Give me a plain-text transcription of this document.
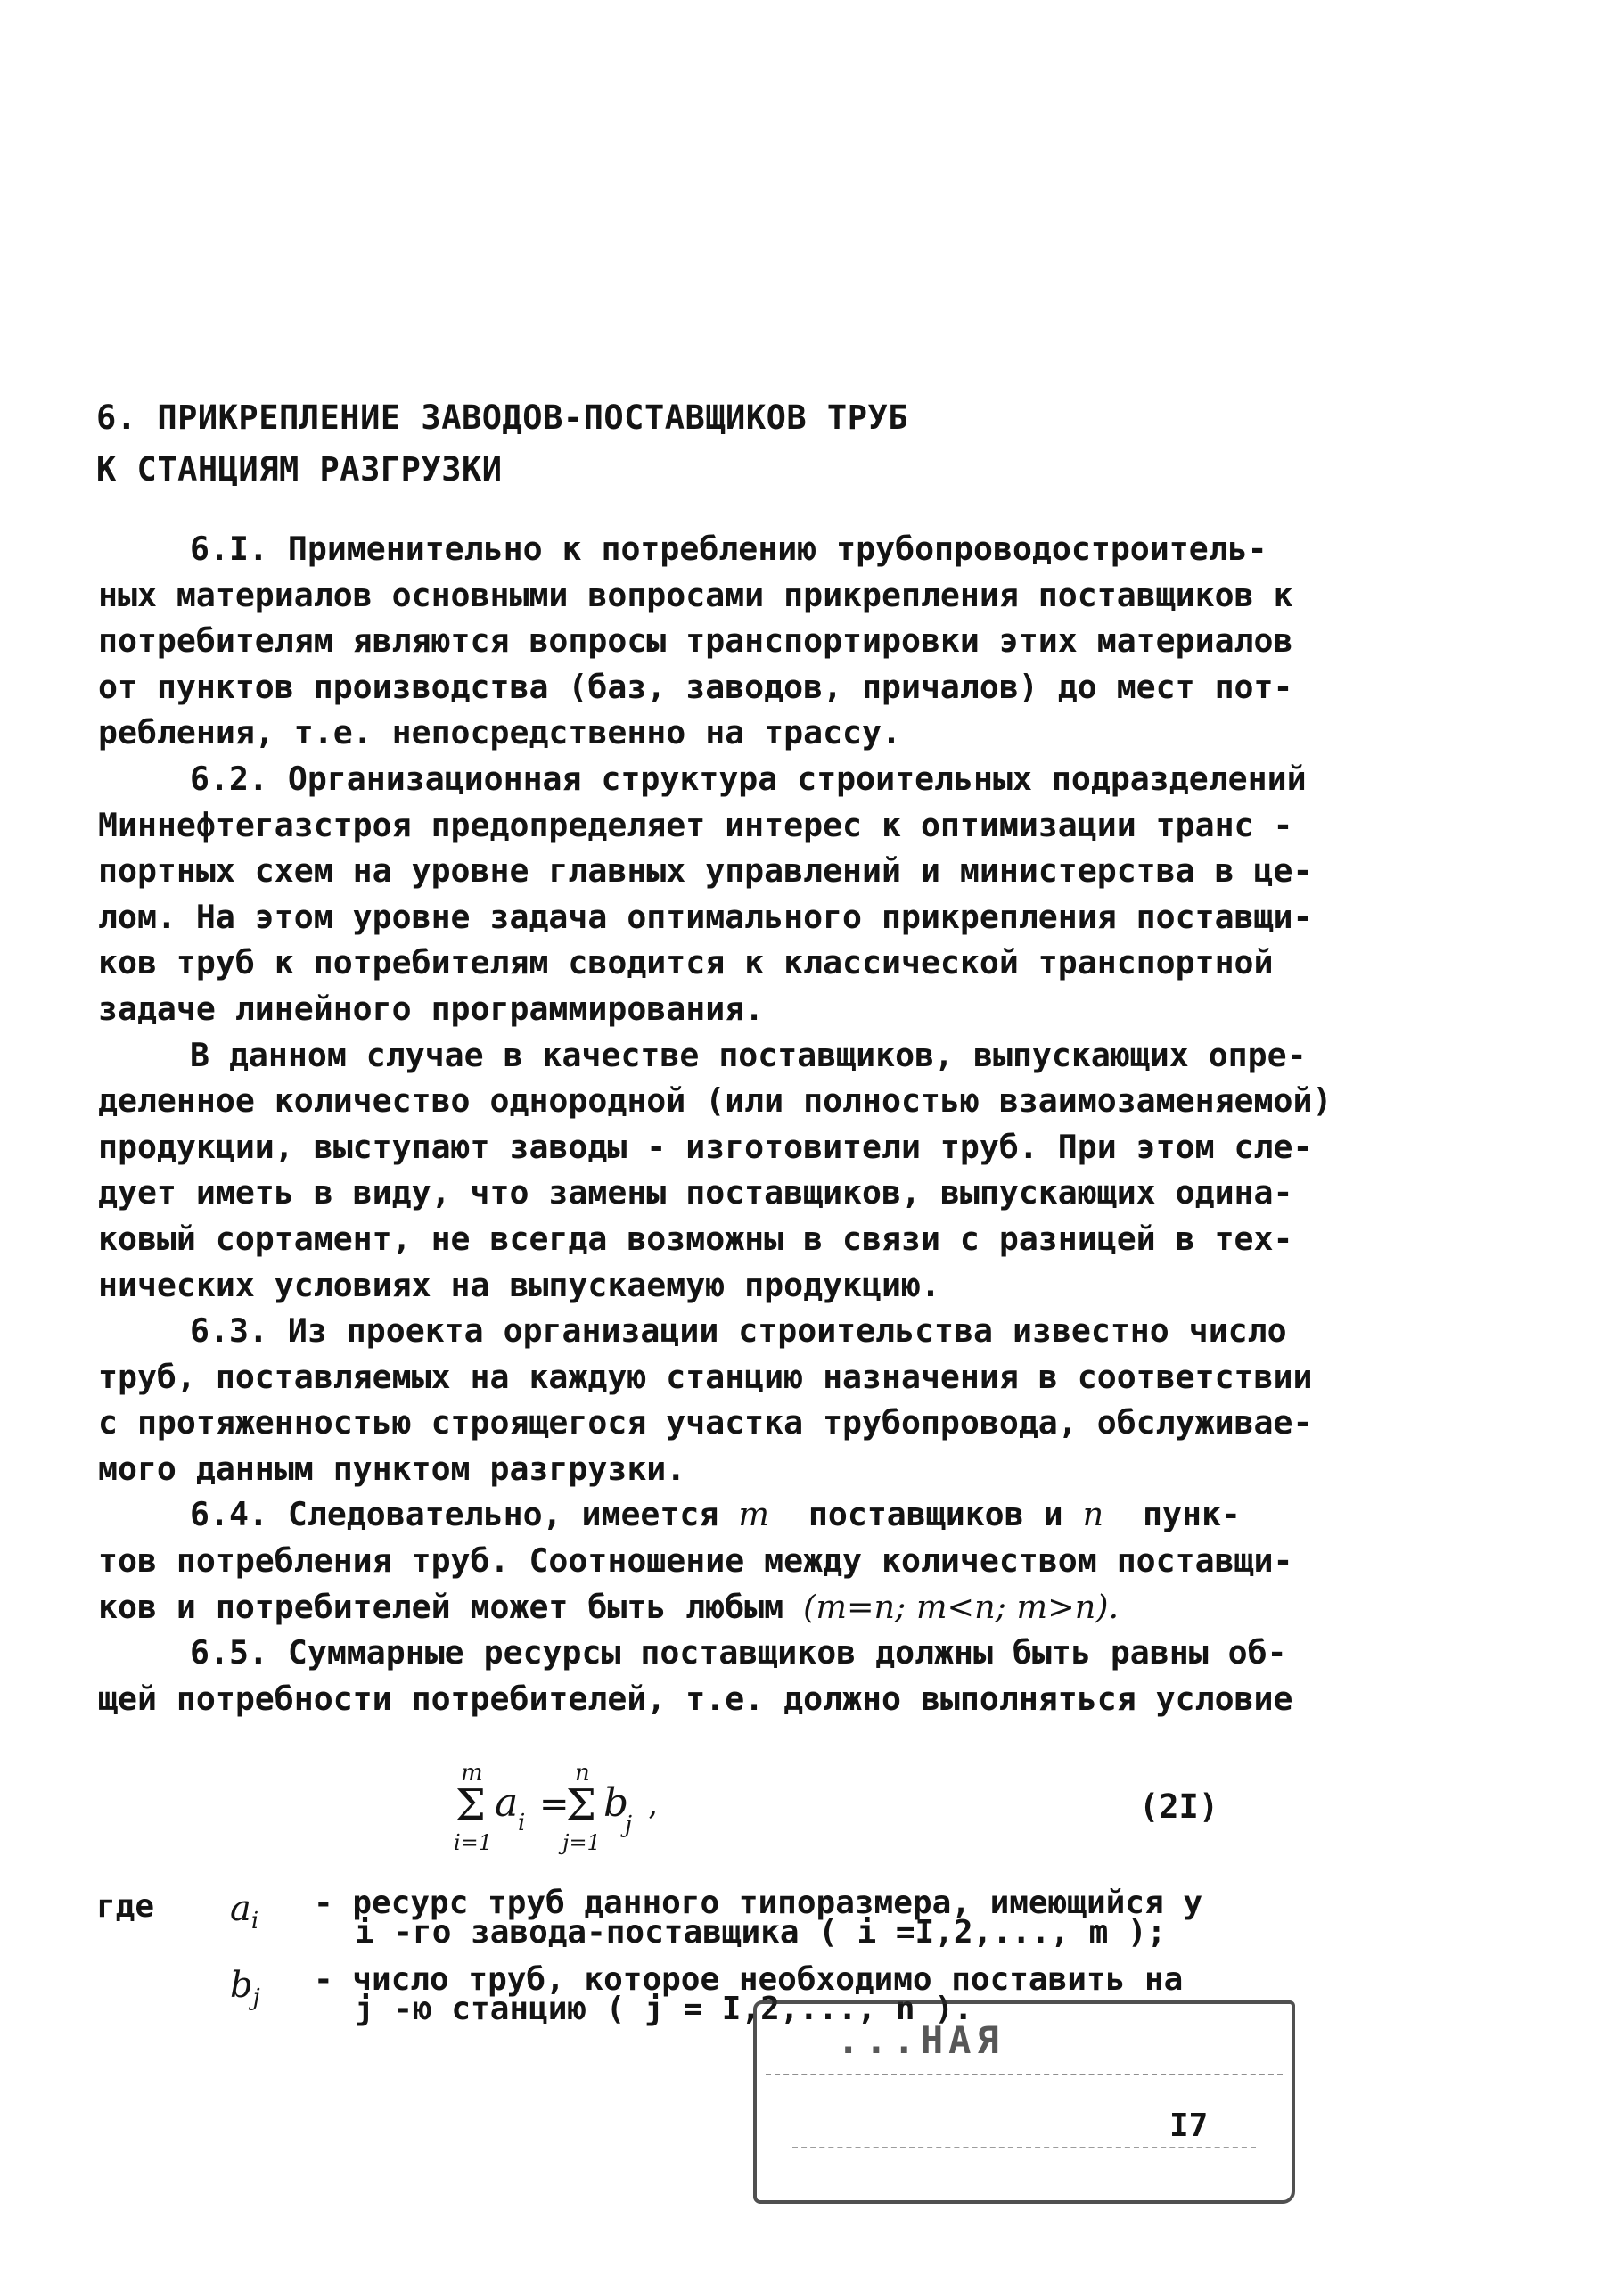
6. ПРИКРЕПЛЕНИЕ ЗАВОДОВ-ПОСТАВЩИКОВ ТРУБ
К СТАНЦИЯМ РАЗГРУЗКИ
6.I. Применительно к потреблению трубопроводостроитель-
ных материалов основными вопросами прикрепления поставщиков к
потребителям являются вопросы транспортировки этих материалов
от пунктов производства (баз, заводов, причалов) до мест пот-
ребления, т.е. непосредственно на трассу.
6.2. Организационная структура строительных подразделений
Миннефтегазстроя предопределяет интерес к оптимизации транс -
портных схем на уровне главных управлений и министерства в це-
лом. На этом уровне задача оптимального прикрепления поставщи-
ков труб к потребителям сводится к классической транспортной
задаче линейного программирования.
В данном случае в качестве поставщиков, выпускающих опре-
деленное количество однородной (или полностью взаимозаменяемой)
продукции, выступают заводы - изготовители труб. При этом сле-
дует иметь в виду, что замены поставщиков, выпускающих одина-
ковый сортамент, не всегда возможны в связи с разницей в тех-
нических условиях на выпускаемую продукцию.
6.3. Из проекта организации строительства известно число
труб, поставляемых на каждую станцию назначения в соответствии
с протяженностью строящегося участка трубопровода, обслуживае-
мого данным пунктом разгрузки.
6.4. Следовательно, имеется m поставщиков и n пунк-
тов потребления труб. Соотношение между количеством поставщи-
ков и потребителей может быть любым (m=n; m<n; m>n).
6.5. Суммарные ресурсы поставщиков должны быть равны об-
щей потребности потребителей, т.е. должно выполняться условие
m
Σ
i=1
a i =
n
Σ
j=1
b
j
,	(2I)
где $a_i$ - ресурс труб данного типоразмера, имеющийся у
i -го завода-поставщика ( i =I,2,..., m );
$b_j$ - число труб, которое необходимо поставить на
j -ю станцию ( j = I,2,..., n ).
...НАЯ
I7
